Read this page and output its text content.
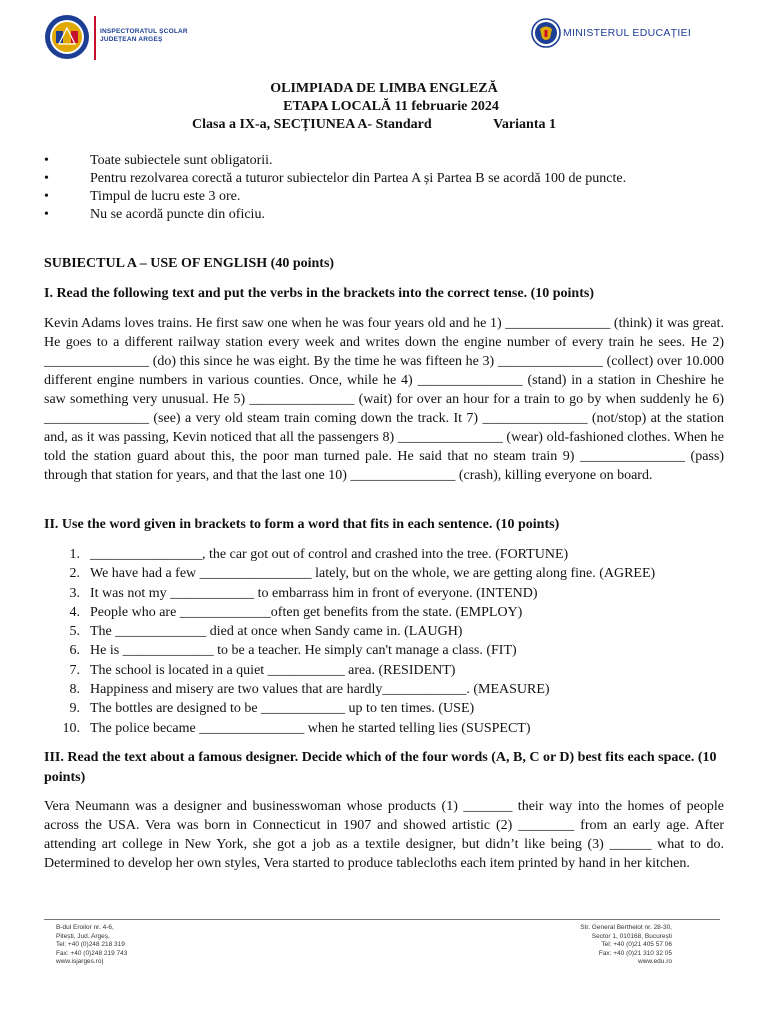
INSPECTORATUL ȘCOLAR
JUDEȚEAN ARGEȘ
MINISTERUL EDUCAȚIEI
OLIMPIADA DE LIMBA ENGLEZĂ
ETAPA LOCALĂ 11 februarie 2024
Clasa a IX-a, SECȚIUNEA A- Standard	Varianta 1
• Toate subiectele sunt obligatorii.
• Pentru rezolvarea corectă a tuturor subiectelor din Partea A și Partea B se acordă 100 de puncte.
• Timpul de lucru este 3 ore.
• Nu se acordă puncte din oficiu.
SUBIECTUL A – USE OF ENGLISH (40 points)
I. Read the following text and put the verbs in the brackets into the correct tense. (10 points)
Kevin Adams loves trains. He first saw one when he was four years old and he 1) _______________ (think) it was great. He goes to a different railway station every week and writes down the engine number of every train he sees. He 2) _______________ (do) this since he was eight. By the time he was fifteen he 3) _______________ (collect) over 10.000 different engine numbers in various counties. Once, while he 4) _______________ (stand) in a station in Cheshire he saw something very unusual. He 5) _______________ (wait) for over an hour for a train to go by when suddenly he 6) _______________ (see) a very old steam train coming down the track. It 7) _______________ (not/stop) at the station and, as it was passing, Kevin noticed that all the passengers 8) _______________ (wear) old-fashioned clothes. When he told the station guard about this, the poor man turned pale. He said that no steam train 9) _______________ (pass) through that station for years, and that the last one 10) _______________ (crash), killing everyone on board.
II. Use the word given in brackets to form a word that fits in each sentence. (10 points)
1. ________________, the car got out of control and crashed into the tree. (FORTUNE)
2. We have had a few ________________ lately, but on the whole, we are getting along fine. (AGREE)
3. It was not my ____________ to embarrass him in front of everyone. (INTEND)
4. People who are _____________often get benefits from the state. (EMPLOY)
5. The _____________ died at once when Sandy came in. (LAUGH)
6. He is _____________ to be a teacher. He simply can't manage a class. (FIT)
7. The school is located in a quiet ___________ area. (RESIDENT)
8. Happiness and misery are two values that are hardly____________. (MEASURE)
9. The bottles are designed to be ____________ up to ten times. (USE)
10. The police became _______________ when he started telling lies (SUSPECT)
III. Read the text about a famous designer. Decide which of the four words (A, B, C or D) best fits each space. (10 points)
Vera Neumann was a designer and businesswoman whose products (1) _______ their way into the homes of people across the USA. Vera was born in Connecticut in 1907 and showed artistic (2) ________ from an early age. After attending art college in New York, she got a job as a textile designer, but didn’t like being (3) ______ what to do. Determined to develop her own styles, Vera started to produce tablecloths each item printed by hand in her kitchen.
B-dul Eroilor nr. 4-6,
Pitești, Jud. Argeș,
Tel: +40 (0)248 218 319
Fax: +40 (0)248 219 743
www.isjarges.ro|
Str. General Berthelot nr. 28-30,
Sector 1, 010168, București
Tel: +40 (0)21 405 57 06
Fax: +40 (0)21 310 32 05
www.edu.ro
